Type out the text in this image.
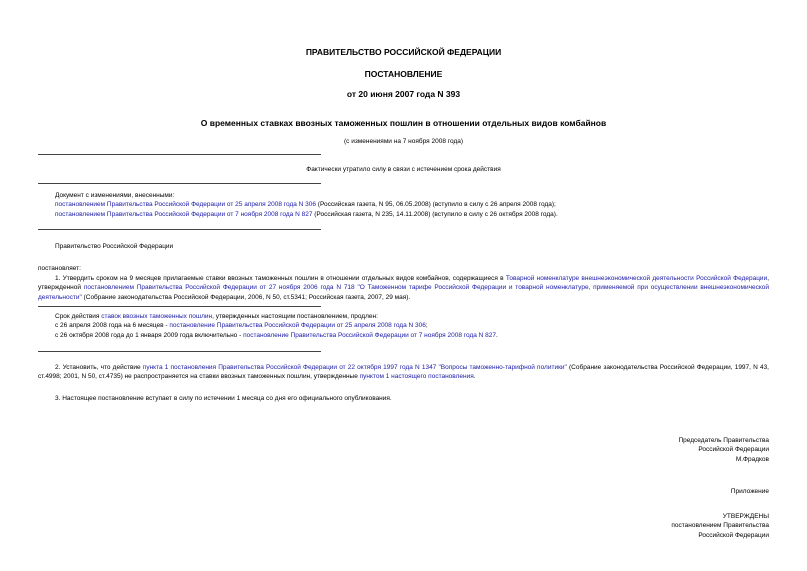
ПРАВИТЕЛЬСТВО РОССИЙСКОЙ ФЕДЕРАЦИИ
ПОСТАНОВЛЕНИЕ
от 20 июня 2007 года N 393
О временных ставках ввозных таможенных пошлин в отношении отдельных видов комбайнов
(с изменениями на 7 ноября 2008 года)
Фактически утратило силу в связи с истечением срока действия
Документ с изменениями, внесенными:
постановлением Правительства Российской Федерации от 25 апреля 2008 года N 306 (Российская газета, N 95, 06.05.2008) (вступило в силу с 26 апреля 2008 года);
постановлением Правительства Российской Федерации от 7 ноября 2008 года N 827 (Российская газета, N 235, 14.11.2008) (вступило в силу с 26 октября 2008 года).
Правительство Российской Федерации
постановляет:
1. Утвердить сроком на 9 месяцев прилагаемые ставки ввозных таможенных пошлин в отношении отдельных видов комбайнов, содержащиеся в Товарной номенклатуре внешнеэкономической деятельности Российской Федерации, утвержденной постановлением Правительства Российской Федерации от 27 ноября 2006 года N 718 "О Таможенном тарифе Российской Федерации и товарной номенклатуре, применяемой при осуществлении внешнеэкономической деятельности" (Собрание законодательства Российской Федерации, 2006, N 50, ст.5341; Российская газета, 2007, 29 мая).
Срок действия ставок ввозных таможенных пошлин, утвержденных настоящим постановлением, продлен:
с 26 апреля 2008 года на 6 месяцев - постановление Правительства Российской Федерации от 25 апреля 2008 года N 306;
с 26 октября 2008 года до 1 января 2009 года включительно - постановление Правительства Российской Федерации от 7 ноября 2008 года N 827.
2. Установить, что действие пункта 1 постановления Правительства Российской Федерации от 22 октября 1997 года N 1347 "Вопросы таможенно-тарифной политики" (Собрание законодательства Российской Федерации, 1997, N 43, ст.4998; 2001, N 50, ст.4735) не распространяется на ставки ввозных таможенных пошлин, утвержденные пунктом 1 настоящего постановления.
3. Настоящее постановление вступает в силу по истечении 1 месяца со дня его официального опубликования.
Председатель Правительства
Российской Федерации
М.Фрадков
Приложение
УТВЕРЖДЕНЫ
постановлением Правительства
Российской Федерации
